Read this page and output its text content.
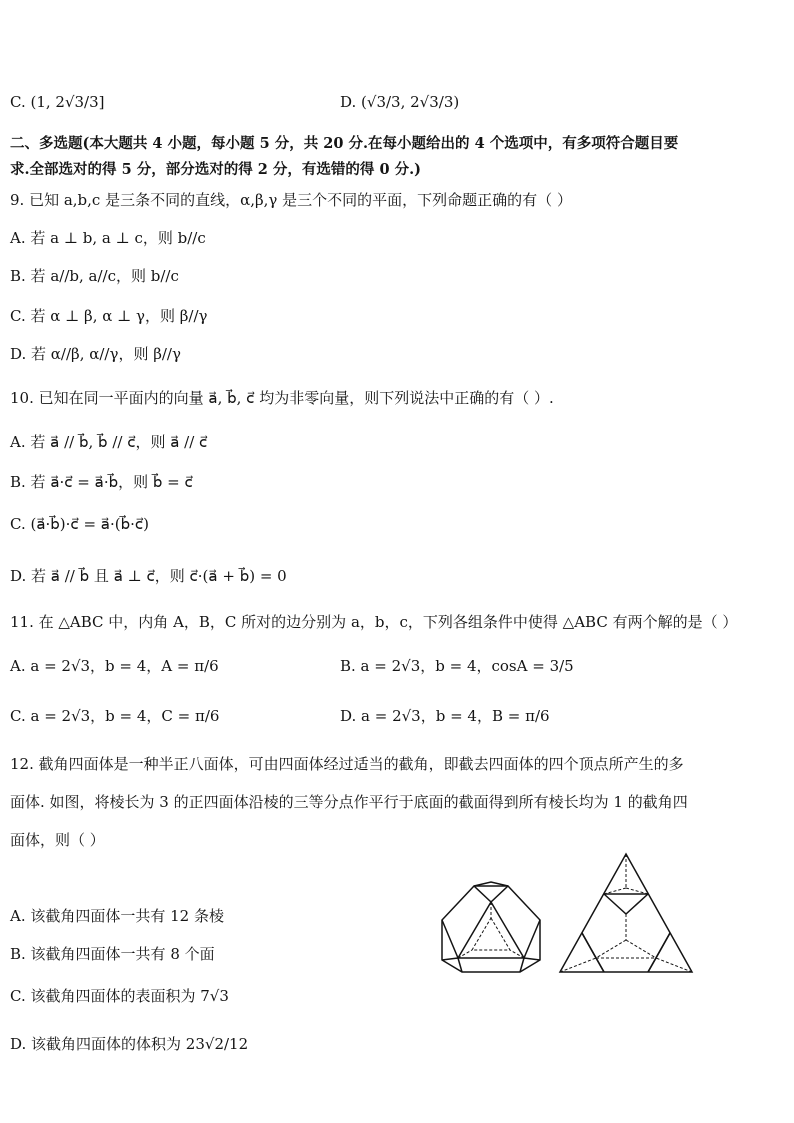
C. (1, 2√3/3]	D. (√3/3, 2√3/3)
二、多选题(本大题共 4 小题，每小题 5 分，共 20 分.在每小题给出的 4 个选项中，有多项符合题目要
求.全部选对的得 5 分，部分选对的得 2 分，有选错的得 0 分.)
9. 已知 a,b,c 是三条不同的直线，α,β,γ 是三个不同的平面，下列命题正确的有（ ）
A. 若 a ⊥ b, a ⊥ c，则 b//c
B. 若 a//b, a//c，则 b//c
C. 若 α ⊥ β, α ⊥ γ，则 β//γ
D. 若 α//β, α//γ，则 β//γ
10. 已知在同一平面内的向量 a⃗, b⃗, c⃗ 均为非零向量，则下列说法中正确的有（ ）.
A. 若 a⃗ // b⃗, b⃗ // c⃗，则 a⃗ // c⃗
B. 若 a⃗·c⃗ = a⃗·b⃗，则 b⃗ = c⃗
C. (a⃗·b⃗)·c⃗ = a⃗·(b⃗·c⃗)
D. 若 a⃗ // b⃗ 且 a⃗ ⊥ c⃗，则 c⃗·(a⃗ + b⃗) = 0
11. 在 △ABC 中，内角 A，B，C 所对的边分别为 a，b，c，下列各组条件中使得 △ABC 有两个解的是（ ）
A. a = 2√3，b = 4，A = π/6	B. a = 2√3，b = 4，cosA = 3/5
C. a = 2√3，b = 4，C = π/6	D. a = 2√3，b = 4，B = π/6
12. 截角四面体是一种半正八面体，可由四面体经过适当的截角，即截去四面体的四个顶点所产生的多
面体. 如图，将棱长为 3 的正四面体沿棱的三等分点作平行于底面的截面得到所有棱长均为 1 的截角四
面体，则（ ）
A. 该截角四面体一共有 12 条棱
B. 该截角四面体一共有 8 个面
C. 该截角四面体的表面积为 7√3
D. 该截角四面体的体积为 23√2/12
